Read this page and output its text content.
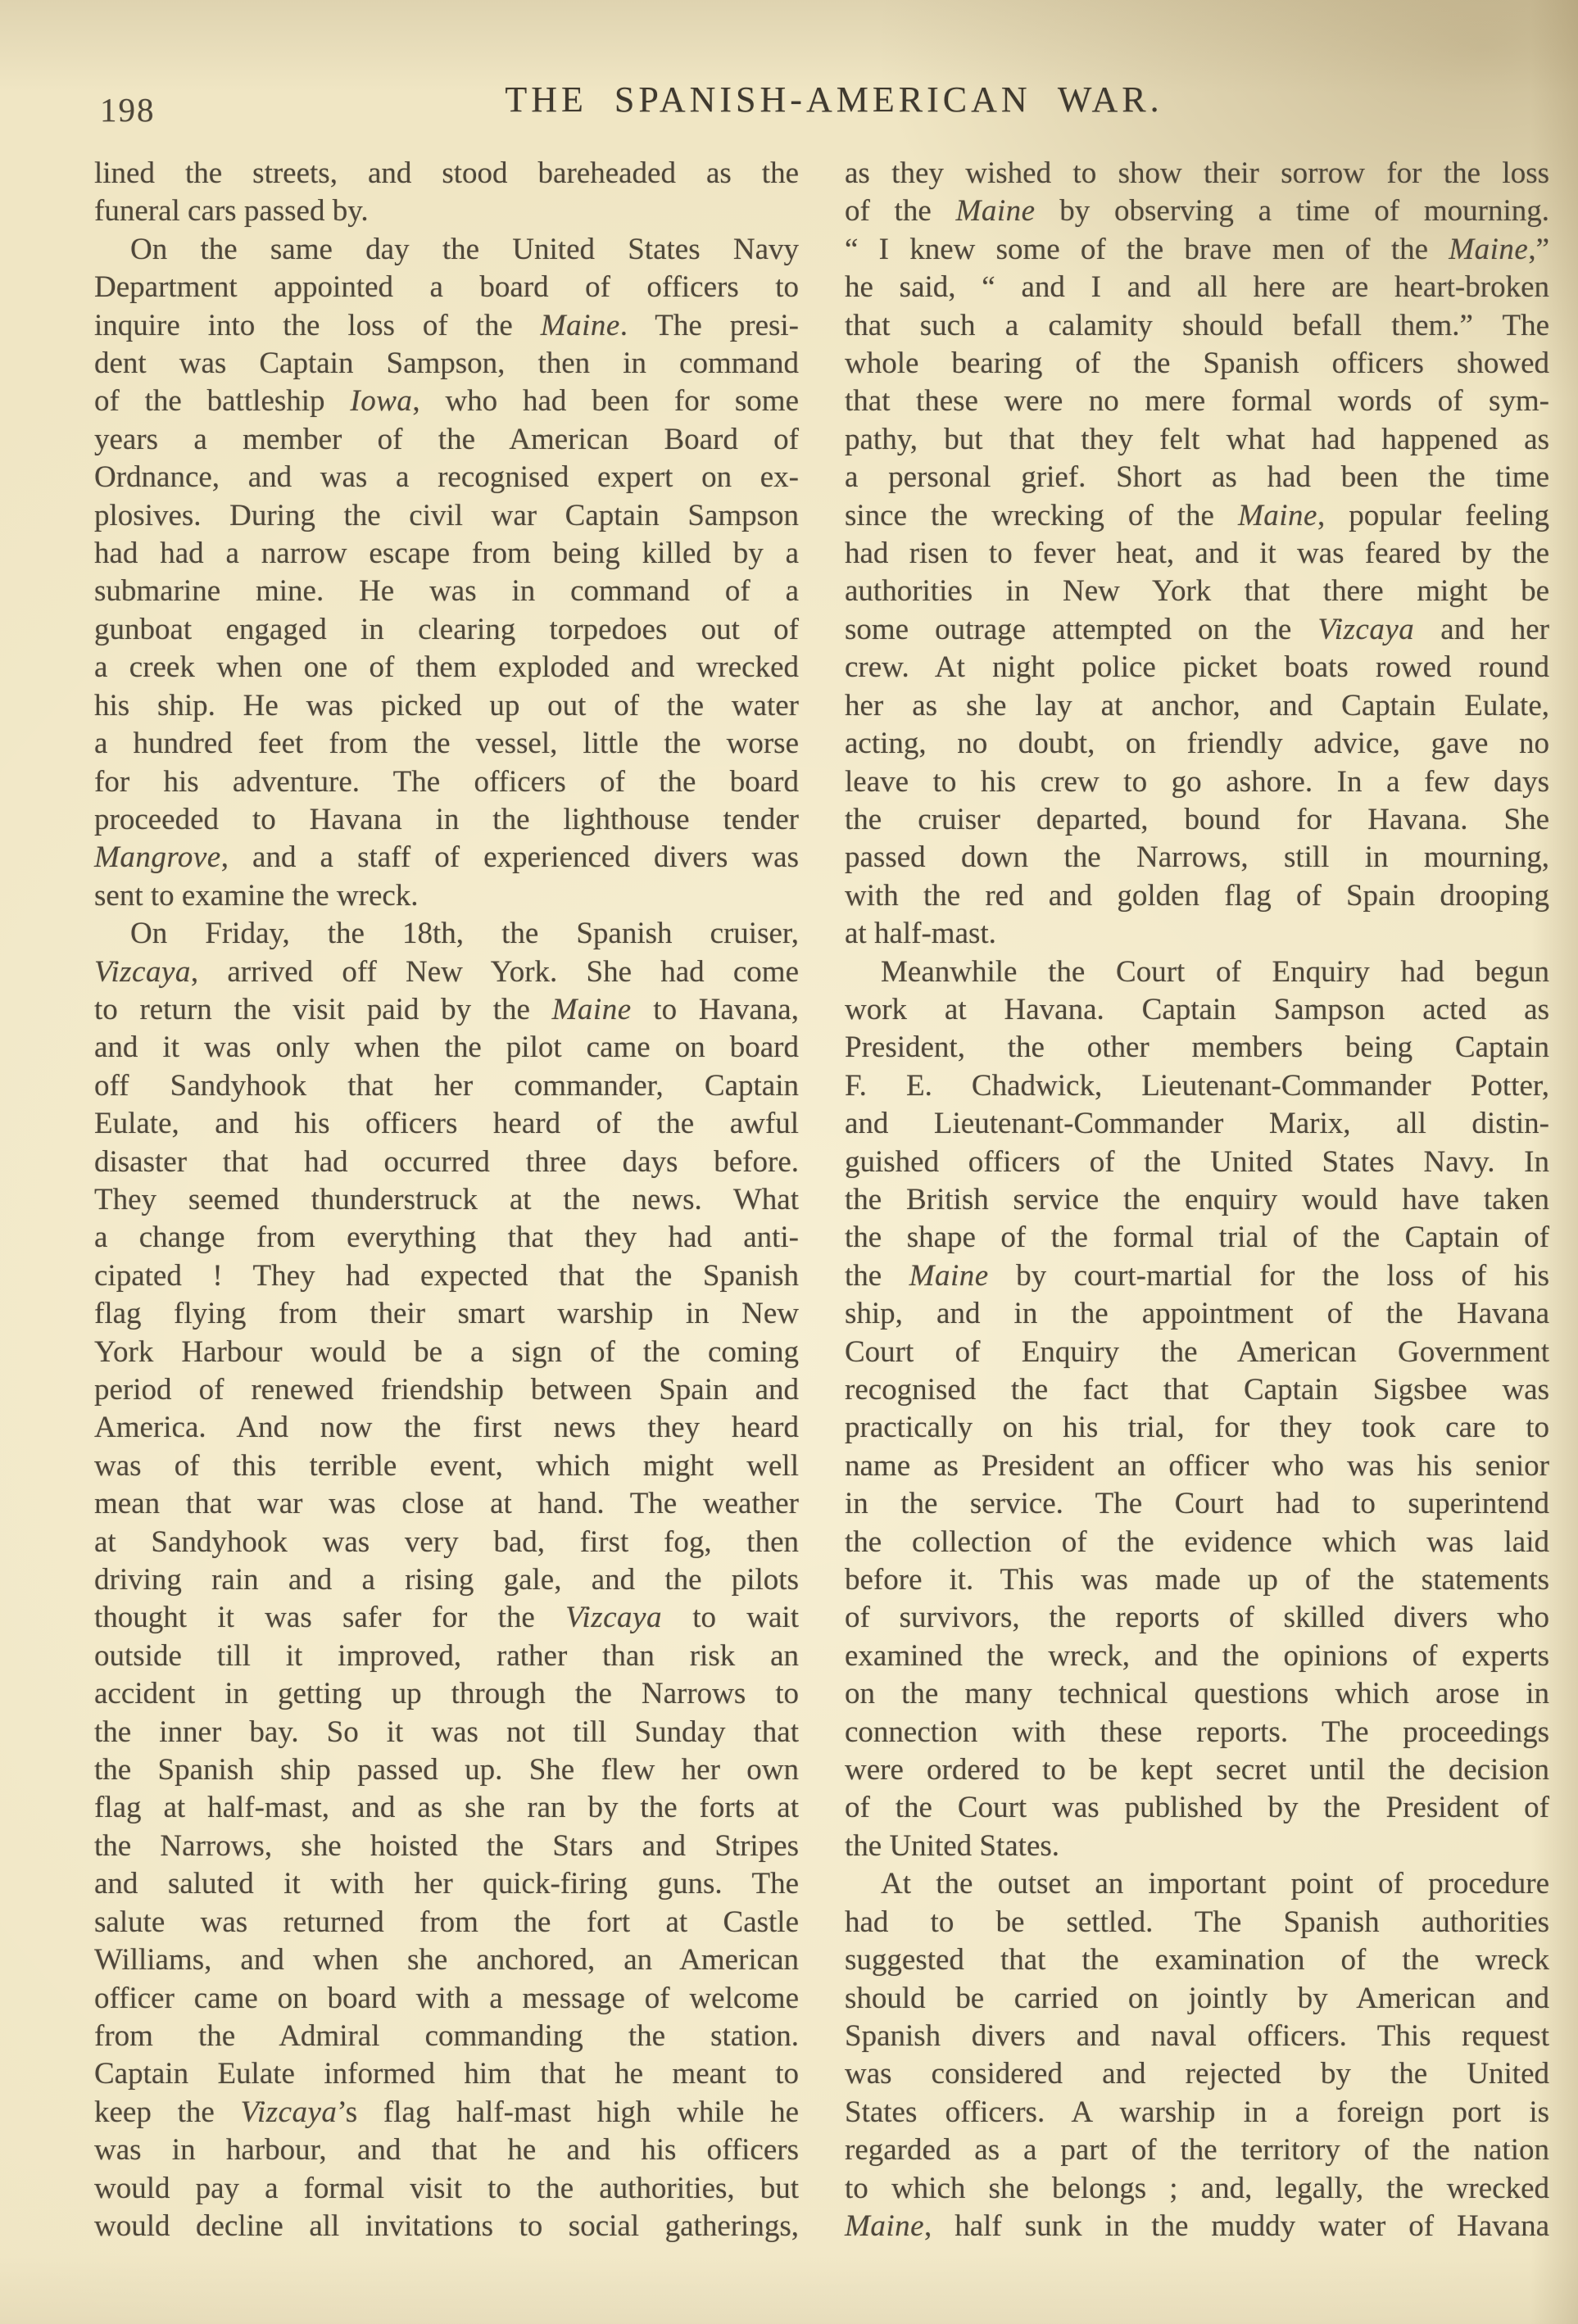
198	THE SPANISH-AMERICAN WAR.
lined the streets, and stood bareheaded as the
funeral cars passed by.
On the same day the United States Navy
Department appointed a board of officers to
inquire into the loss of the Maine. The presi-
dent was Captain Sampson, then in command
of the battleship Iowa, who had been for some
years a member of the American Board of
Ordnance, and was a recognised expert on ex-
plosives. During the civil war Captain Sampson
had had a narrow escape from being killed by a
submarine mine. He was in command of a
gunboat engaged in clearing torpedoes out of
a creek when one of them exploded and wrecked
his ship. He was picked up out of the water
a hundred feet from the vessel, little the worse
for his adventure. The officers of the board
proceeded to Havana in the lighthouse tender
Mangrove, and a staff of experienced divers was
sent to examine the wreck.
On Friday, the 18th, the Spanish cruiser,
Vizcaya, arrived off New York. She had come
to return the visit paid by the Maine to Havana,
and it was only when the pilot came on board
off Sandyhook that her commander, Captain
Eulate, and his officers heard of the awful
disaster that had occurred three days before.
They seemed thunderstruck at the news. What
a change from everything that they had anti-
cipated ! They had expected that the Spanish
flag flying from their smart warship in New
York Harbour would be a sign of the coming
period of renewed friendship between Spain and
America. And now the first news they heard
was of this terrible event, which might well
mean that war was close at hand. The weather
at Sandyhook was very bad, first fog, then
driving rain and a rising gale, and the pilots
thought it was safer for the Vizcaya to wait
outside till it improved, rather than risk an
accident in getting up through the Narrows to
the inner bay. So it was not till Sunday that
the Spanish ship passed up. She flew her own
flag at half-mast, and as she ran by the forts at
the Narrows, she hoisted the Stars and Stripes
and saluted it with her quick-firing guns. The
salute was returned from the fort at Castle
Williams, and when she anchored, an American
officer came on board with a message of welcome
from the Admiral commanding the station.
Captain Eulate informed him that he meant to
keep the Vizcaya’s flag half-mast high while he
was in harbour, and that he and his officers
would pay a formal visit to the authorities, but
would decline all invitations to social gatherings,
as they wished to show their sorrow for the loss
of the Maine by observing a time of mourning.
“ I knew some of the brave men of the Maine,”
he said, “ and I and all here are heart-broken
that such a calamity should befall them.” The
whole bearing of the Spanish officers showed
that these were no mere formal words of sym-
pathy, but that they felt what had happened as
a personal grief. Short as had been the time
since the wrecking of the Maine, popular feeling
had risen to fever heat, and it was feared by the
authorities in New York that there might be
some outrage attempted on the Vizcaya and her
crew. At night police picket boats rowed round
her as she lay at anchor, and Captain Eulate,
acting, no doubt, on friendly advice, gave no
leave to his crew to go ashore. In a few days
the cruiser departed, bound for Havana. She
passed down the Narrows, still in mourning,
with the red and golden flag of Spain drooping
at half-mast.
Meanwhile the Court of Enquiry had begun
work at Havana. Captain Sampson acted as
President, the other members being Captain
F. E. Chadwick, Lieutenant-Commander Potter,
and Lieutenant-Commander Marix, all distin-
guished officers of the United States Navy. In
the British service the enquiry would have taken
the shape of the formal trial of the Captain of
the Maine by court-martial for the loss of his
ship, and in the appointment of the Havana
Court of Enquiry the American Government
recognised the fact that Captain Sigsbee was
practically on his trial, for they took care to
name as President an officer who was his senior
in the service. The Court had to superintend
the collection of the evidence which was laid
before it. This was made up of the statements
of survivors, the reports of skilled divers who
examined the wreck, and the opinions of experts
on the many technical questions which arose in
connection with these reports. The proceedings
were ordered to be kept secret until the decision
of the Court was published by the President of
the United States.
At the outset an important point of procedure
had to be settled. The Spanish authorities
suggested that the examination of the wreck
should be carried on jointly by American and
Spanish divers and naval officers. This request
was considered and rejected by the United
States officers. A warship in a foreign port is
regarded as a part of the territory of the nation
to which she belongs ; and, legally, the wrecked
Maine, half sunk in the muddy water of Havana
